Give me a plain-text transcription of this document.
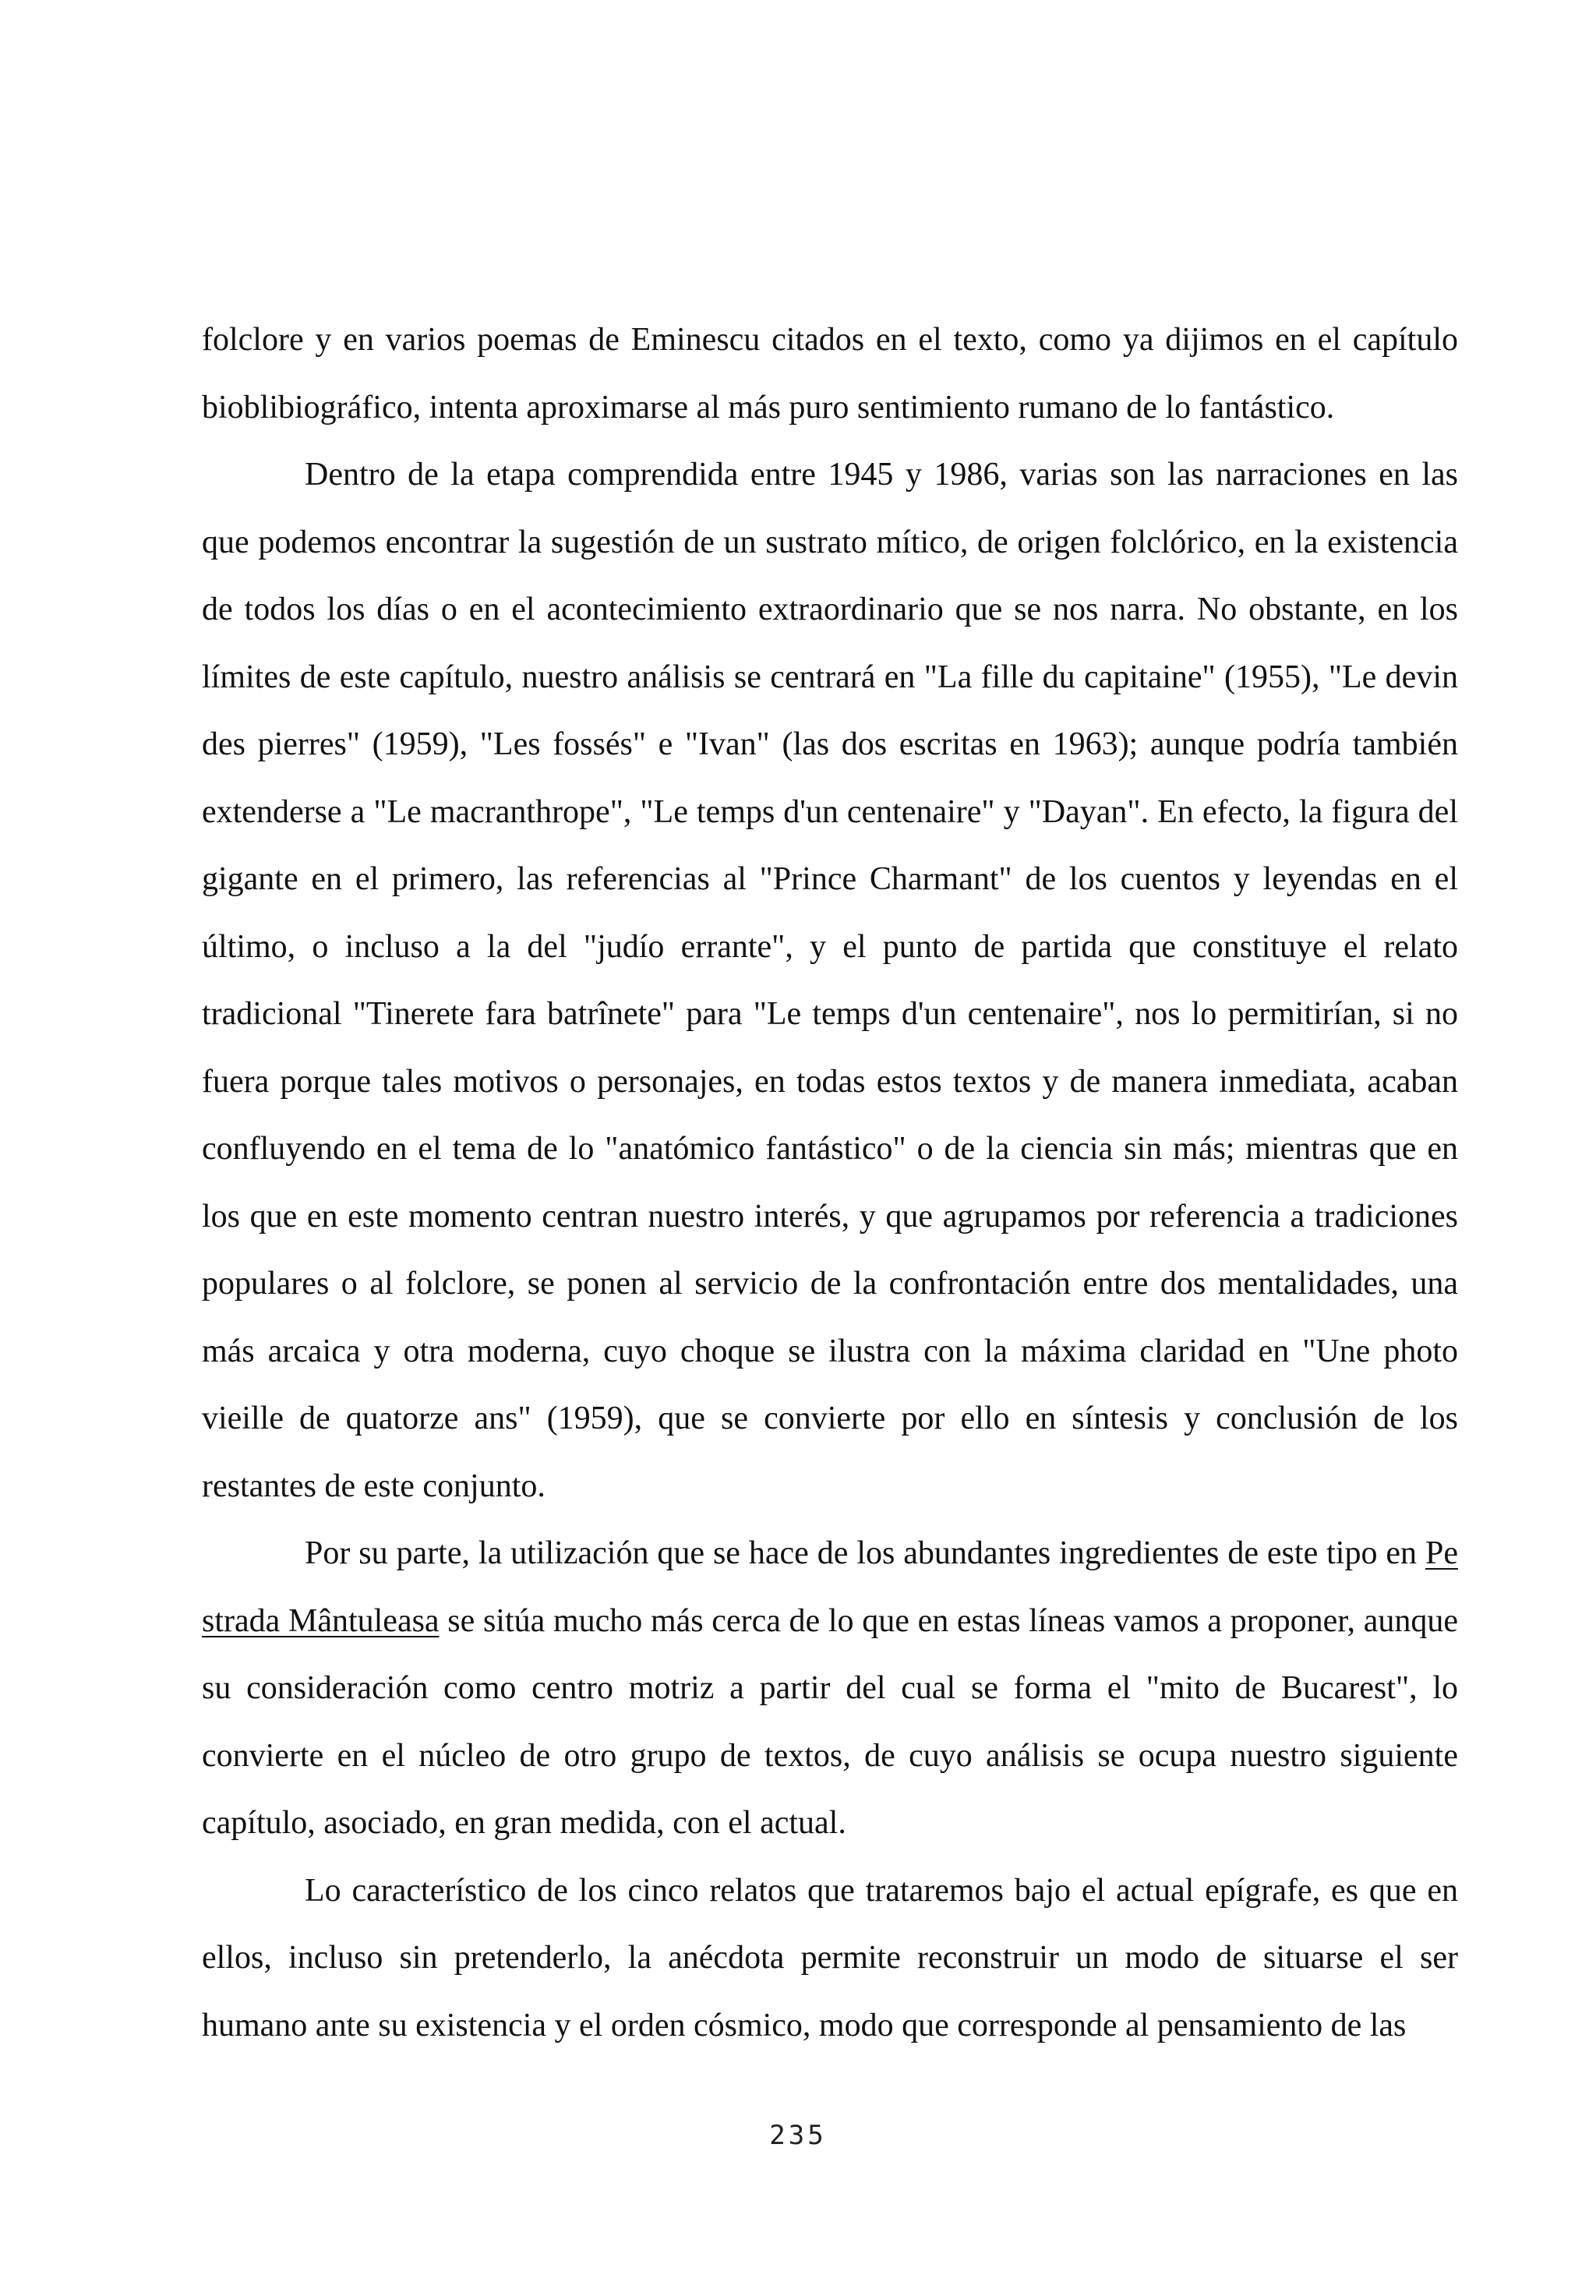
folclore y en varios poemas de Eminescu citados en el texto, como ya dijimos en el capítulo bioblibiográfico, intenta aproximarse al más puro sentimiento rumano de lo fantástico.

Dentro de la etapa comprendida entre 1945 y 1986, varias son las narraciones en las que podemos encontrar la sugestión de un sustrato mítico, de origen folclórico, en la existencia de todos los días o en el acontecimiento extraordinario que se nos narra. No obstante, en los límites de este capítulo, nuestro análisis se centrará en "La fille du capitaine" (1955), "Le devin des pierres" (1959), "Les fossés" e "Ivan" (las dos escritas en 1963); aunque podría también extenderse a "Le macranthrope", "Le temps d'un centenaire" y "Dayan". En efecto, la figura del gigante en el primero, las referencias al "Prince Charmant" de los cuentos y leyendas en el último, o incluso a la del "judío errante", y el punto de partida que constituye el relato tradicional "Tinerete fara batrînete" para "Le temps d'un centenaire", nos lo permitirían, si no fuera porque tales motivos o personajes, en todas estos textos y de manera inmediata, acaban confluyendo en el tema de lo "anatómico fantástico" o de la ciencia sin más; mientras que en los que en este momento centran nuestro interés, y que agrupamos por referencia a tradiciones populares o al folclore, se ponen al servicio de la confrontación entre dos mentalidades, una más arcaica y otra moderna, cuyo choque se ilustra con la máxima claridad en "Une photo vieille de quatorze ans" (1959), que se convierte por ello en síntesis y conclusión de los restantes de este conjunto.

Por su parte, la utilización que se hace de los abundantes ingredientes de este tipo en Pe strada Mântuleasa se sitúa mucho más cerca de lo que en estas líneas vamos a proponer, aunque su consideración como centro motriz a partir del cual se forma el "mito de Bucarest", lo convierte en el núcleo de otro grupo de textos, de cuyo análisis se ocupa nuestro siguiente capítulo, asociado, en gran medida, con el actual.

Lo característico de los cinco relatos que trataremos bajo el actual epígrafe, es que en ellos, incluso sin pretenderlo, la anécdota permite reconstruir un modo de situarse el ser humano ante su existencia y el orden cósmico, modo que corresponde al pensamiento de las

235
